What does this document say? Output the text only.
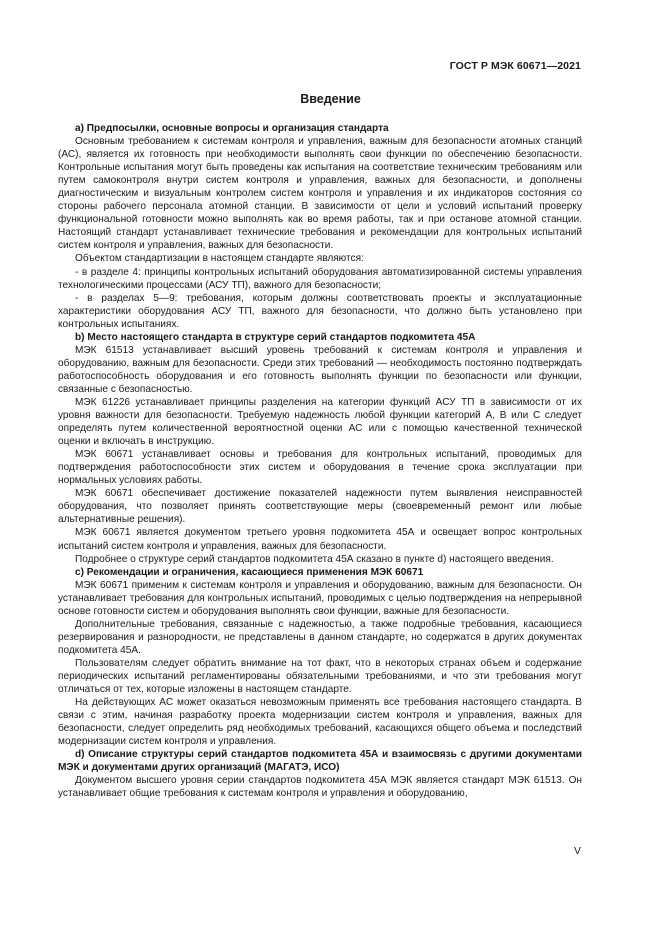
ГОСТ Р МЭК 60671—2021
Введение

a) Предпосылки, основные вопросы и организация стандарта

Основным требованием к системам контроля и управления, важным для безопасности атомных станций (АС), является их готовность при необходимости выполнять свои функции по обеспечению безопасности. Контрольные испытания могут быть проведены как испытания на соответствие техническим требованиям или путем самоконтроля внутри систем контроля и управления, важных для безопасности, и дополнены диагностическим и визуальным контролем систем контроля и управления и их индикаторов состояния со стороны рабочего персонала атомной станции. В зависимости от цели и условий испытаний проверку функциональной готовности можно выполнять как во время работы, так и при останове атомной станции. Настоящий стандарт устанавливает технические требования и рекомендации для контрольных испытаний систем контроля и управления, важных для безопасности.

Объектом стандартизации в настоящем стандарте являются:

- в разделе 4: принципы контрольных испытаний оборудования автоматизированной системы управления технологическими процессами (АСУ ТП), важного для безопасности;

- в разделах 5—9: требования, которым должны соответствовать проекты и эксплуатационные характеристики оборудования АСУ ТП, важного для безопасности, что должно быть установлено при контрольных испытаниях.

b) Место настоящего стандарта в структуре серий стандартов подкомитета 45А

МЭК 61513 устанавливает высший уровень требований к системам контроля и управления и оборудованию, важным для безопасности. Среди этих требований — необходимость постоянно подтверждать работоспособность оборудования и его готовность выполнять функции по безопасности или функции, связанные с безопасностью.

МЭК 61226 устанавливает принципы разделения на категории функций АСУ ТП в зависимости от их уровня важности для безопасности. Требуемую надежность любой функции категорий А, В или С следует определять путем количественной вероятностной оценки АС или с помощью качественной технической оценки и включать в инструкцию.

МЭК 60671 устанавливает основы и требования для контрольных испытаний, проводимых для подтверждения работоспособности этих систем и оборудования в течение срока эксплуатации при нормальных условиях работы.

МЭК 60671 обеспечивает достижение показателей надежности путем выявления неисправностей оборудования, что позволяет принять соответствующие меры (своевременный ремонт или любые альтернативные решения).

МЭК 60671 является документом третьего уровня подкомитета 45А и освещает вопрос контрольных испытаний систем контроля и управления, важных для безопасности.

Подробнее о структуре серий стандартов подкомитета 45А сказано в пункте d) настоящего введения.

c) Рекомендации и ограничения, касающиеся применения МЭК 60671

МЭК 60671 применим к системам контроля и управления и оборудованию, важным для безопасности. Он устанавливает требования для контрольных испытаний, проводимых с целью подтверждения на непрерывной основе готовности систем и оборудования выполнять свои функции, важные для безопасности.

Дополнительные требования, связанные с надежностью, а также подробные требования, касающиеся резервирования и разнородности, не представлены в данном стандарте, но содержатся в других документах подкомитета 45А.

Пользователям следует обратить внимание на тот факт, что в некоторых странах объем и содержание периодических испытаний регламентированы обязательными требованиями, и что эти требования могут отличаться от тех, которые изложены в настоящем стандарте.

На действующих АС может оказаться невозможным применять все требования настоящего стандарта. В связи с этим, начиная разработку проекта модернизации систем контроля и управления, важных для безопасности, следует определить ряд необходимых требований, касающихся общего объема и последствий модернизации систем контроля и управления.

d) Описание структуры серий стандартов подкомитета 45А и взаимосвязь с другими документами МЭК и документами других организаций (МАГАТЭ, ИСО)

Документом высшего уровня серии стандартов подкомитета 45А МЭК является стандарт МЭК 61513. Он устанавливает общие требования к системам контроля и управления и оборудованию,

V
